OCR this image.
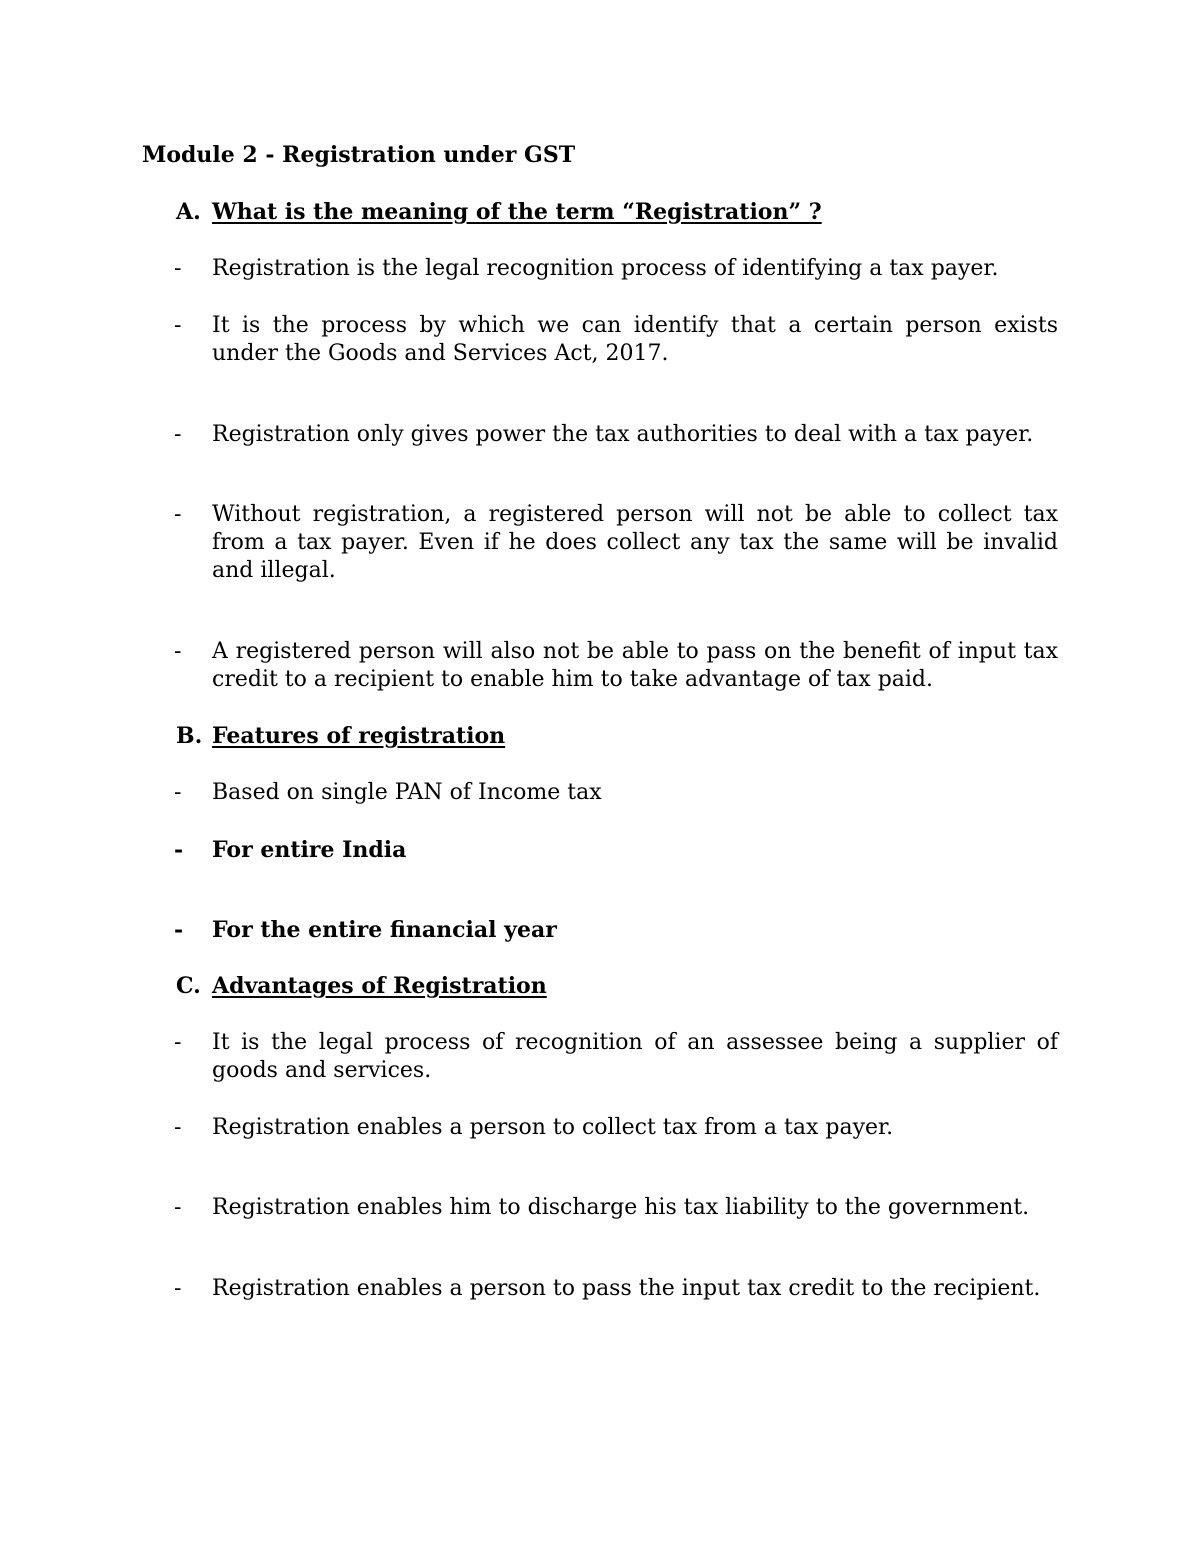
Module 2 - Registration under GST
A. What is the meaning of the term “Registration” ?
- Registration is the legal recognition process of identifying a tax payer.
- It is the process by which we can identify that a certain person exists under the Goods and Services Act, 2017.
- Registration only gives power the tax authorities to deal with a tax payer.
- Without registration, a registered person will not be able to collect tax from a tax payer. Even if he does collect any tax the same will be invalid and illegal.
- A registered person will also not be able to pass on the benefit of input tax credit to a recipient to enable him to take advantage of tax paid.
B. Features of registration
- Based on single PAN of Income tax
- For entire India
- For the entire financial year
C. Advantages of Registration
- It is the legal process of recognition of an assessee being a supplier of goods and services.
- Registration enables a person to collect tax from a tax payer.
- Registration enables him to discharge his tax liability to the government.
- Registration enables a person to pass the input tax credit to the recipient.
